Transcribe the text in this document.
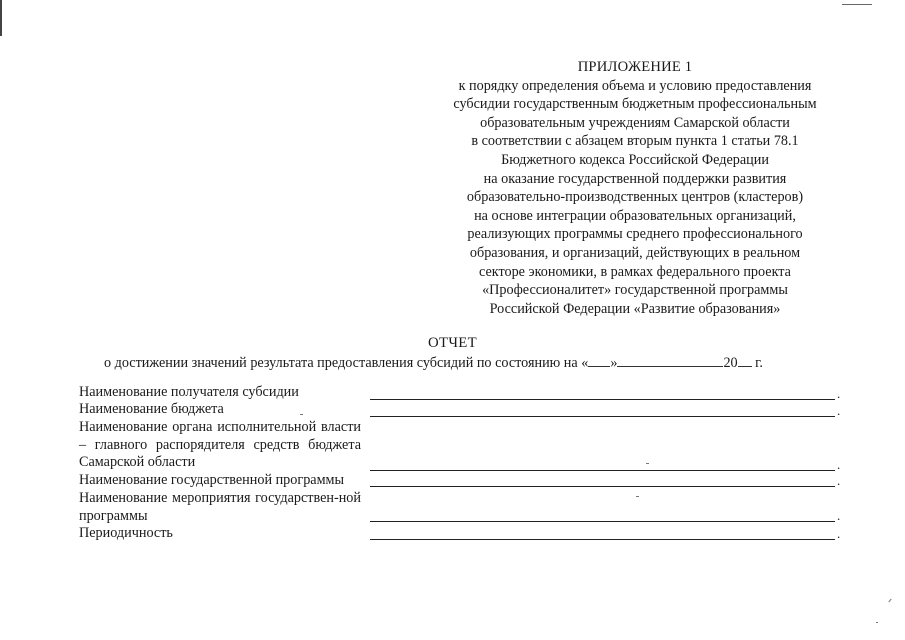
ПРИЛОЖЕНИЕ 1
к порядку определения объема и условию предоставления
субсидии государственным бюджетным профессиональным
образовательным учреждениям Самарской области
в соответствии с абзацем вторым пункта 1 статьи 78.1
Бюджетного кодекса Российской Федерации
на оказание государственной поддержки развития
образовательно-производственных центров (кластеров)
на основе интеграции образовательных организаций,
реализующих программы среднего профессионального
образования, и организаций, действующих в реальном
секторе экономики, в рамках федерального проекта
«Профессионалитет» государственной программы
Российской Федерации «Развитие образования»
ОТЧЕТ
о достижении значений результата предоставления субсидий по состоянию на « »	20 г.
Наименование получателя субсидии	.
Наименование бюджета	.
Наименование органа исполнительной власти – главного распорядителя средств бюджета Самарской области	.
Наименование государственной программы	.
Наименование мероприятия государствен-ной программы	.
Периодичность	.
